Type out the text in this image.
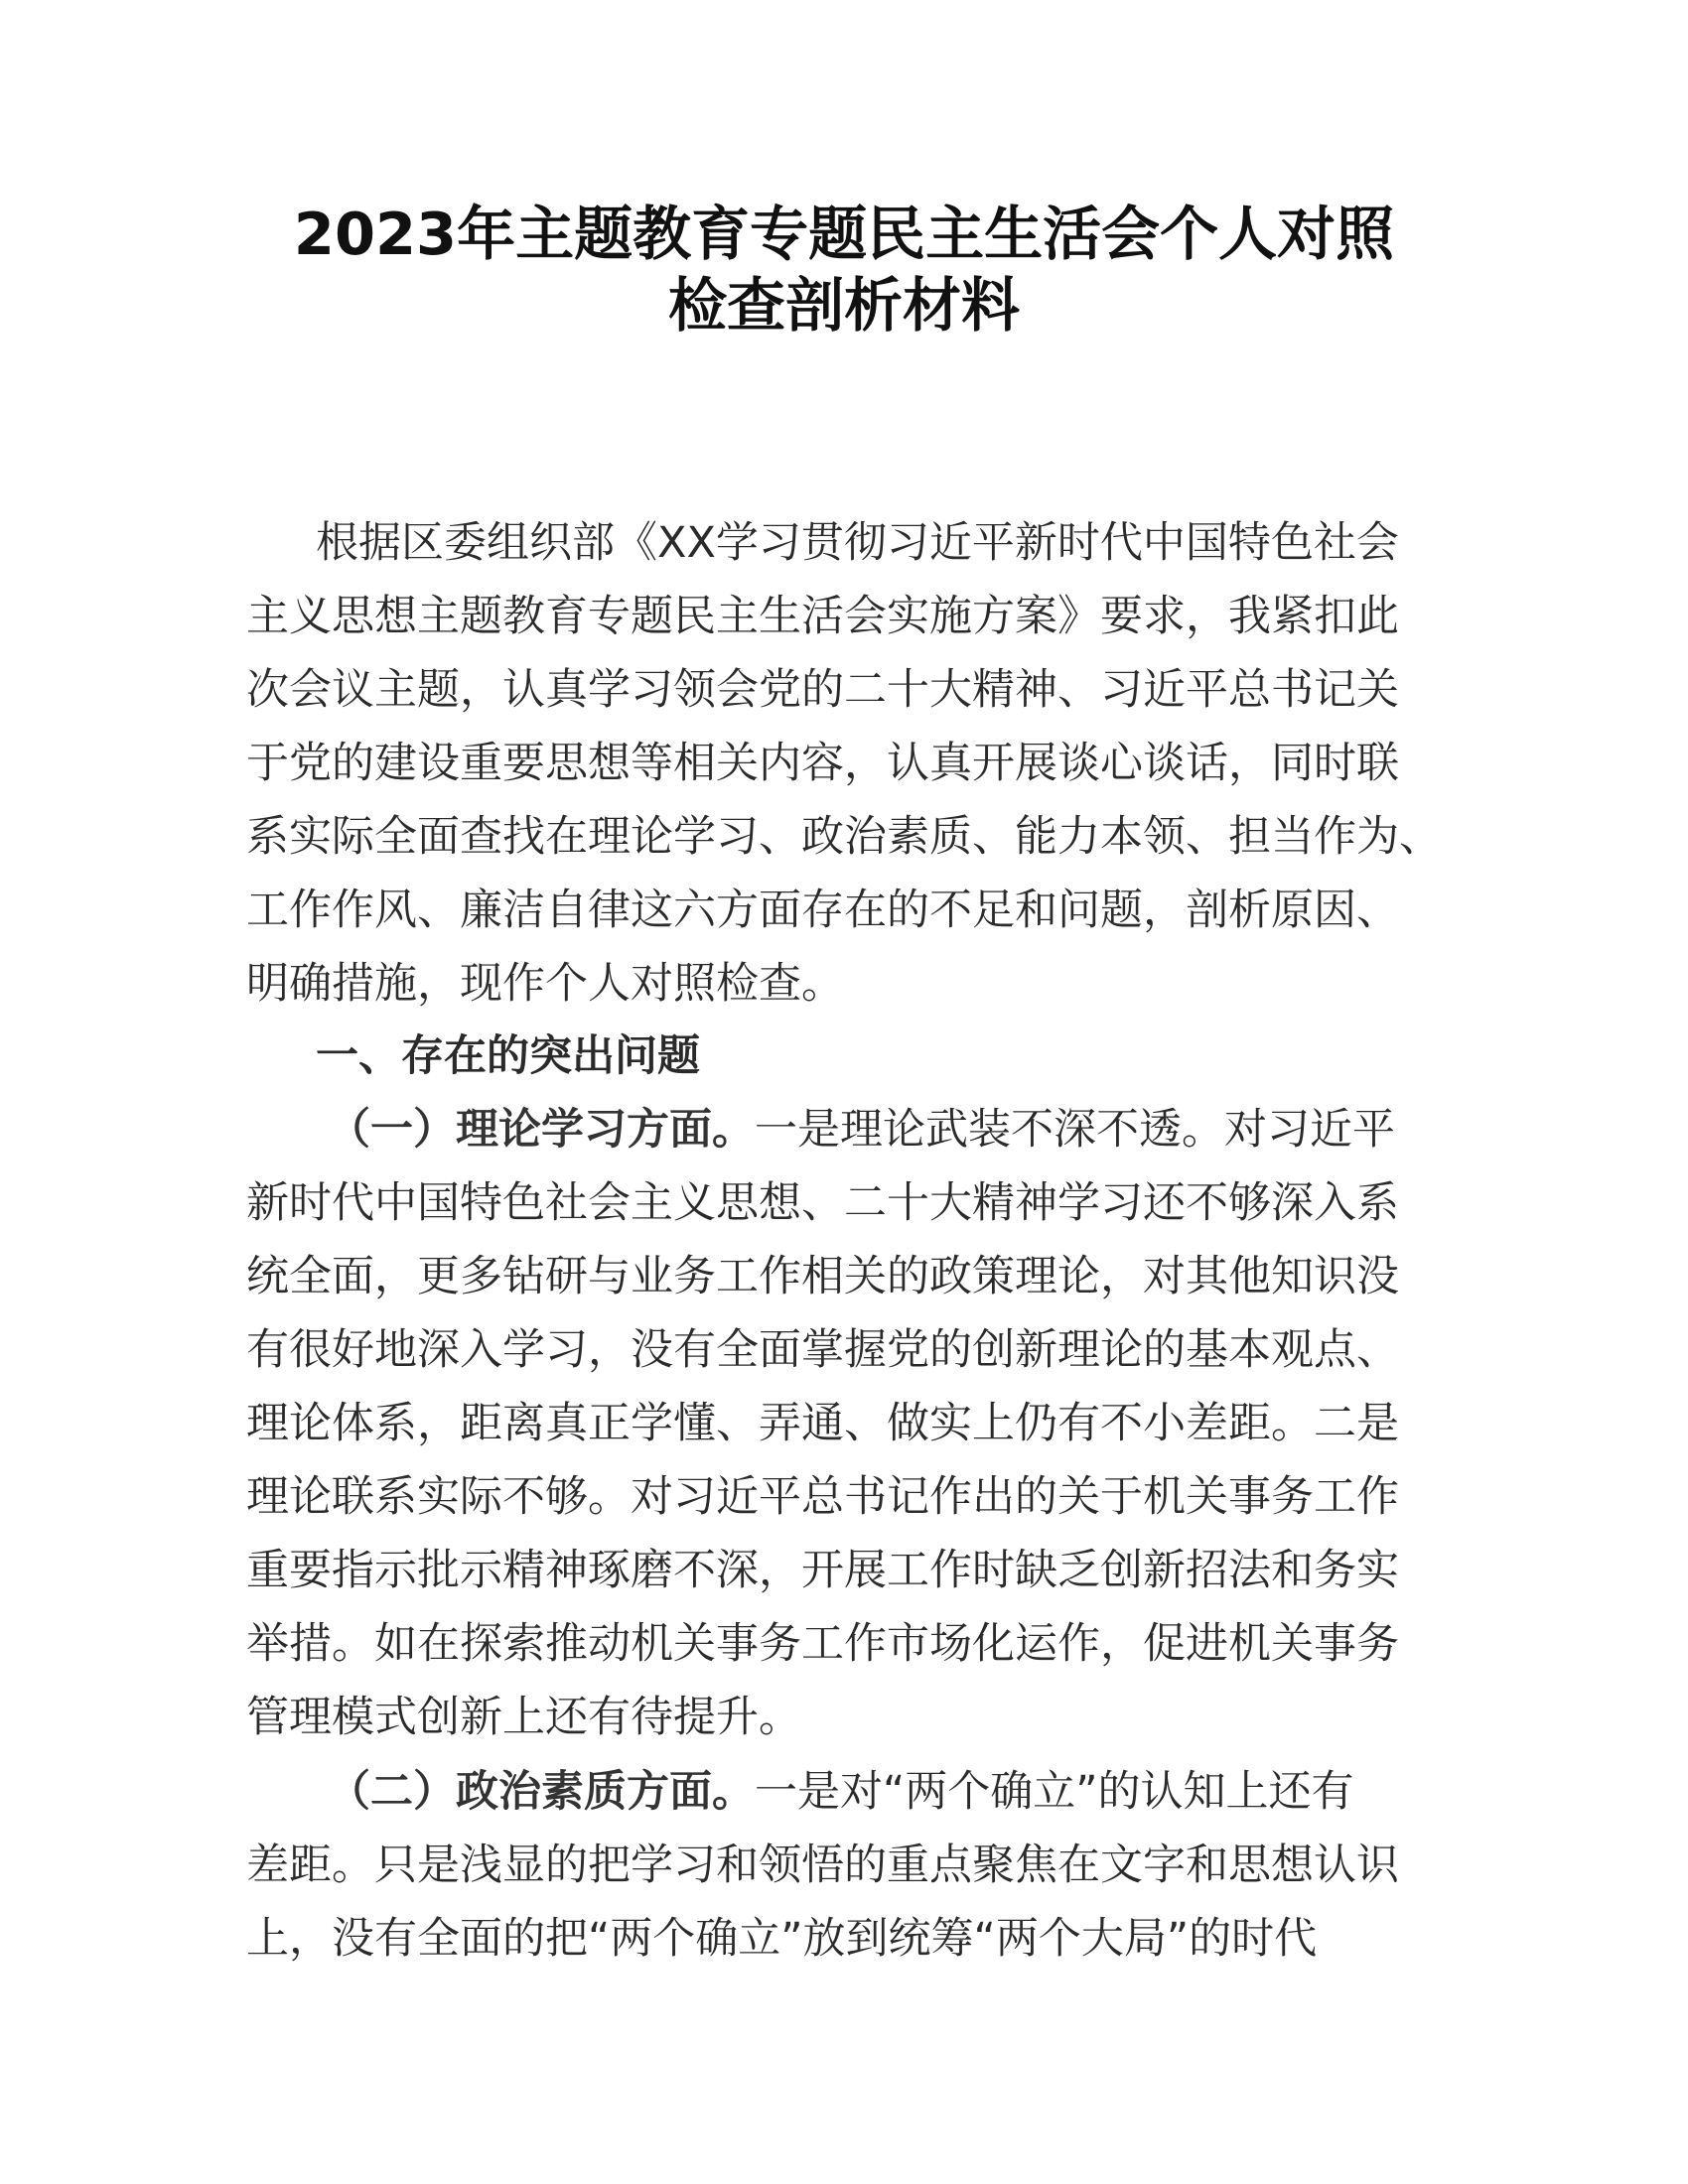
2023年主题教育专题民主生活会个人对照
检查剖析材料
根据区委组织部《XX学习贯彻习近平新时代中国特色社会
主义思想主题教育专题民主生活会实施方案》要求，我紧扣此
次会议主题，认真学习领会党的二十大精神、习近平总书记关
于党的建设重要思想等相关内容，认真开展谈心谈话，同时联
系实际全面查找在理论学习、政治素质、能力本领、担当作为、
工作作风、廉洁自律这六方面存在的不足和问题，剖析原因、
明确措施，现作个人对照检查。
一、存在的突出问题
（一）理论学习方面。一是理论武装不深不透。对习近平
新时代中国特色社会主义思想、二十大精神学习还不够深入系
统全面，更多钻研与业务工作相关的政策理论，对其他知识没
有很好地深入学习，没有全面掌握党的创新理论的基本观点、
理论体系，距离真正学懂、弄通、做实上仍有不小差距。二是
理论联系实际不够。对习近平总书记作出的关于机关事务工作
重要指示批示精神琢磨不深，开展工作时缺乏创新招法和务实
举措。如在探索推动机关事务工作市场化运作，促进机关事务
管理模式创新上还有待提升。
（二）政治素质方面。一是对“两个确立”的认知上还有
差距。只是浅显的把学习和领悟的重点聚焦在文字和思想认识
上，没有全面的把“两个确立”放到统筹“两个大局”的时代
